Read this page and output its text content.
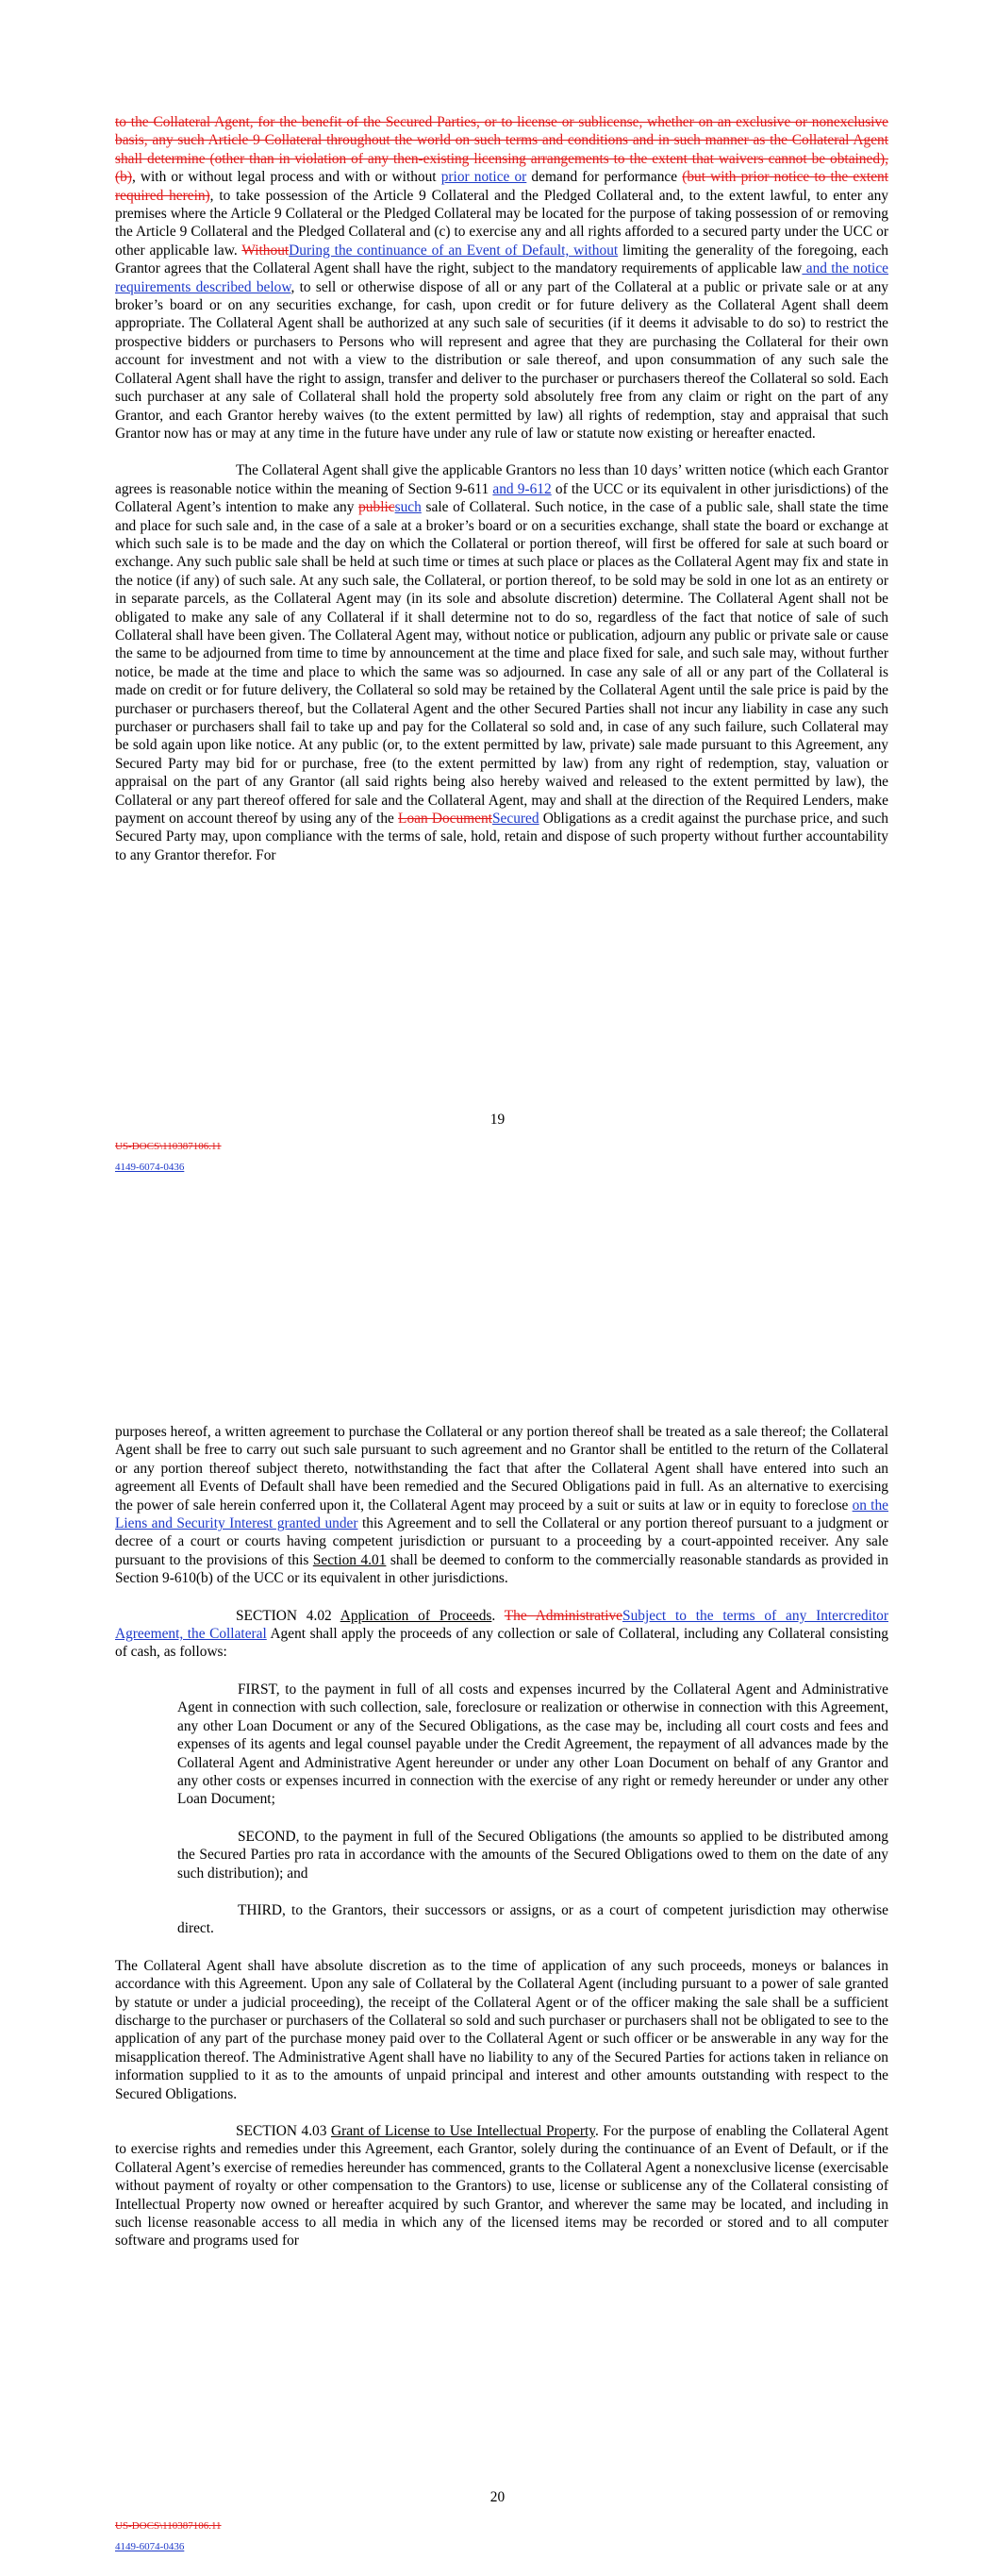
to the Collateral Agent, for the benefit of the Secured Parties, or to license or sublicense, whether on an exclusive or nonexclusive basis, any such Article 9 Collateral throughout the world on such terms and conditions and in such manner as the Collateral Agent shall determine (other than in violation of any then-existing licensing arrangements to the extent that waivers cannot be obtained), (b), with or without legal process and with or without prior notice or demand for performance (but with prior notice to the extent required herein), to take possession of the Article 9 Collateral and the Pledged Collateral and, to the extent lawful, to enter any premises where the Article 9 Collateral or the Pledged Collateral may be located for the purpose of taking possession of or removing the Article 9 Collateral and the Pledged Collateral and (c) to exercise any and all rights afforded to a secured party under the UCC or other applicable law. WithoutDuring the continuance of an Event of Default, without limiting the generality of the foregoing, each Grantor agrees that the Collateral Agent shall have the right, subject to the mandatory requirements of applicable law and the notice requirements described below, to sell or otherwise dispose of all or any part of the Collateral at a public or private sale or at any broker’s board or on any securities exchange, for cash, upon credit or for future delivery as the Collateral Agent shall deem appropriate. The Collateral Agent shall be authorized at any such sale of securities (if it deems it advisable to do so) to restrict the prospective bidders or purchasers to Persons who will represent and agree that they are purchasing the Collateral for their own account for investment and not with a view to the distribution or sale thereof, and upon consummation of any such sale the Collateral Agent shall have the right to assign, transfer and deliver to the purchaser or purchasers thereof the Collateral so sold. Each such purchaser at any sale of Collateral shall hold the property sold absolutely free from any claim or right on the part of any Grantor, and each Grantor hereby waives (to the extent permitted by law) all rights of redemption, stay and appraisal that such Grantor now has or may at any time in the future have under any rule of law or statute now existing or hereafter enacted.

The Collateral Agent shall give the applicable Grantors no less than 10 days’ written notice (which each Grantor agrees is reasonable notice within the meaning of Section 9-611 and 9-612 of the UCC or its equivalent in other jurisdictions) of the Collateral Agent’s intention to make any publicsuch sale of Collateral. Such notice, in the case of a public sale, shall state the time and place for such sale and, in the case of a sale at a broker’s board or on a securities exchange, shall state the board or exchange at which such sale is to be made and the day on which the Collateral or portion thereof, will first be offered for sale at such board or exchange. Any such public sale shall be held at such time or times at such place or places as the Collateral Agent may fix and state in the notice (if any) of such sale. At any such sale, the Collateral, or portion thereof, to be sold may be sold in one lot as an entirety or in separate parcels, as the Collateral Agent may (in its sole and absolute discretion) determine. The Collateral Agent shall not be obligated to make any sale of any Collateral if it shall determine not to do so, regardless of the fact that notice of sale of such Collateral shall have been given. The Collateral Agent may, without notice or publication, adjourn any public or private sale or cause the same to be adjourned from time to time by announcement at the time and place fixed for sale, and such sale may, without further notice, be made at the time and place to which the same was so adjourned. In case any sale of all or any part of the Collateral is made on credit or for future delivery, the Collateral so sold may be retained by the Collateral Agent until the sale price is paid by the purchaser or purchasers thereof, but the Collateral Agent and the other Secured Parties shall not incur any liability in case any such purchaser or purchasers shall fail to take up and pay for the Collateral so sold and, in case of any such failure, such Collateral may be sold again upon like notice. At any public (or, to the extent permitted by law, private) sale made pursuant to this Agreement, any Secured Party may bid for or purchase, free (to the extent permitted by law) from any right of redemption, stay, valuation or appraisal on the part of any Grantor (all said rights being also hereby waived and released to the extent permitted by law), the Collateral or any part thereof offered for sale and the Collateral Agent, may and shall at the direction of the Required Lenders, make payment on account thereof by using any of the Loan DocumentSecured Obligations as a credit against the purchase price, and such Secured Party may, upon compliance with the terms of sale, hold, retain and dispose of such property without further accountability to any Grantor therefor. For

19
US-DOCS\110387106.11
4149-6074-0436

purposes hereof, a written agreement to purchase the Collateral or any portion thereof shall be treated as a sale thereof; the Collateral Agent shall be free to carry out such sale pursuant to such agreement and no Grantor shall be entitled to the return of the Collateral or any portion thereof subject thereto, notwithstanding the fact that after the Collateral Agent shall have entered into such an agreement all Events of Default shall have been remedied and the Secured Obligations paid in full. As an alternative to exercising the power of sale herein conferred upon it, the Collateral Agent may proceed by a suit or suits at law or in equity to foreclose on the Liens and Security Interest granted under this Agreement and to sell the Collateral or any portion thereof pursuant to a judgment or decree of a court or courts having competent jurisdiction or pursuant to a proceeding by a court-appointed receiver. Any sale pursuant to the provisions of this Section 4.01 shall be deemed to conform to the commercially reasonable standards as provided in Section 9-610(b) of the UCC or its equivalent in other jurisdictions.

SECTION 4.02 Application of Proceeds. The AdministrativeSubject to the terms of any Intercreditor Agreement, the Collateral Agent shall apply the proceeds of any collection or sale of Collateral, including any Collateral consisting of cash, as follows:

FIRST, to the payment in full of all costs and expenses incurred by the Collateral Agent and Administrative Agent in connection with such collection, sale, foreclosure or realization or otherwise in connection with this Agreement, any other Loan Document or any of the Secured Obligations, as the case may be, including all court costs and fees and expenses of its agents and legal counsel payable under the Credit Agreement, the repayment of all advances made by the Collateral Agent and Administrative Agent hereunder or under any other Loan Document on behalf of any Grantor and any other costs or expenses incurred in connection with the exercise of any right or remedy hereunder or under any other Loan Document;

SECOND, to the payment in full of the Secured Obligations (the amounts so applied to be distributed among the Secured Parties pro rata in accordance with the amounts of the Secured Obligations owed to them on the date of any such distribution); and

THIRD, to the Grantors, their successors or assigns, or as a court of competent jurisdiction may otherwise direct.

The Collateral Agent shall have absolute discretion as to the time of application of any such proceeds, moneys or balances in accordance with this Agreement. Upon any sale of Collateral by the Collateral Agent (including pursuant to a power of sale granted by statute or under a judicial proceeding), the receipt of the Collateral Agent or of the officer making the sale shall be a sufficient discharge to the purchaser or purchasers of the Collateral so sold and such purchaser or purchasers shall not be obligated to see to the application of any part of the purchase money paid over to the Collateral Agent or such officer or be answerable in any way for the misapplication thereof. The Administrative Agent shall have no liability to any of the Secured Parties for actions taken in reliance on information supplied to it as to the amounts of unpaid principal and interest and other amounts outstanding with respect to the Secured Obligations.

SECTION 4.03 Grant of License to Use Intellectual Property. For the purpose of enabling the Collateral Agent to exercise rights and remedies under this Agreement, each Grantor, solely during the continuance of an Event of Default, or if the Collateral Agent’s exercise of remedies hereunder has commenced, grants to the Collateral Agent a nonexclusive license (exercisable without payment of royalty or other compensation to the Grantors) to use, license or sublicense any of the Collateral consisting of Intellectual Property now owned or hereafter acquired by such Grantor, and wherever the same may be located, and including in such license reasonable access to all media in which any of the licensed items may be recorded or stored and to all computer software and programs used for

20
US-DOCS\110387106.11
4149-6074-0436
